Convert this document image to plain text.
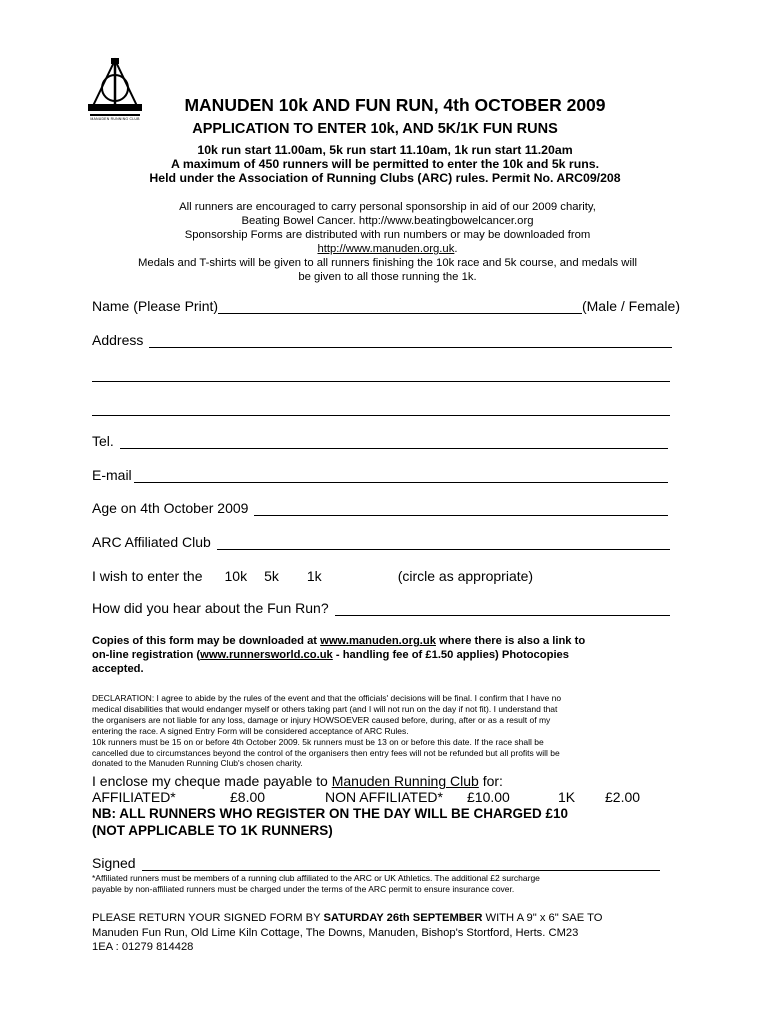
MANUDEN RUNNING CLUB
MANUDEN 10k AND FUN RUN, 4th OCTOBER 2009
APPLICATION TO ENTER 10k, AND 5K/1K FUN RUNS
10k run start 11.00am, 5k run start 11.10am, 1k run start 11.20am
A maximum of 450 runners will be permitted to enter the 10k and 5k runs.
Held under the Association of Running Clubs (ARC) rules. Permit No. ARC09/208
All runners are encouraged to carry personal sponsorship in aid of our 2009 charity,
Beating Bowel Cancer. http://www.beatingbowelcancer.org
Sponsorship Forms are distributed with run numbers or may be downloaded from
http://www.manuden.org.uk.
Medals and T-shirts will be given to all runners finishing the 10k race and 5k course, and medals will
be given to all those running the 1k.
Name (Please Print)	(Male / Female)
Address
Tel.
E-mail
Age on 4th October 2009
ARC Affiliated Club
I wish to enter the 10k 5k 1k	(circle as appropriate)
How did you hear about the Fun Run?
Copies of this form may be downloaded at www.manuden.org.uk where there is also a link to
on-line registration (www.runnersworld.co.uk - handling fee of £1.50 applies) Photocopies
accepted.
DECLARATION: I agree to abide by the rules of the event and that the officials' decisions will be final. I confirm that I have no
medical disabilities that would endanger myself or others taking part (and I will not run on the day if not fit). I understand that
the organisers are not liable for any loss, damage or injury HOWSOEVER caused before, during, after or as a result of my
entering the race. A signed Entry Form will be considered acceptance of ARC Rules.
10k runners must be 15 on or before 4th October 2009. 5k runners must be 13 on or before this date. If the race shall be
cancelled due to circumstances beyond the control of the organisers then entry fees will not be refunded but all profits will be
donated to the Manuden Running Club's chosen charity.
I enclose my cheque made payable to Manuden Running Club for:
AFFILIATED*	£8.00	NON AFFILIATED* £10.00	1K £2.00
NB: ALL RUNNERS WHO REGISTER ON THE DAY WILL BE CHARGED £10
(NOT APPLICABLE TO 1K RUNNERS)
Signed
*Affiliated runners must be members of a running club affiliated to the ARC or UK Athletics. The additional £2 surcharge
payable by non-affiliated runners must be charged under the terms of the ARC permit to ensure insurance cover.
PLEASE RETURN YOUR SIGNED FORM BY SATURDAY 26th SEPTEMBER WITH A 9" x 6" SAE TO
Manuden Fun Run, Old Lime Kiln Cottage, The Downs, Manuden, Bishop's Stortford, Herts. CM23
1EA : 01279 814428
